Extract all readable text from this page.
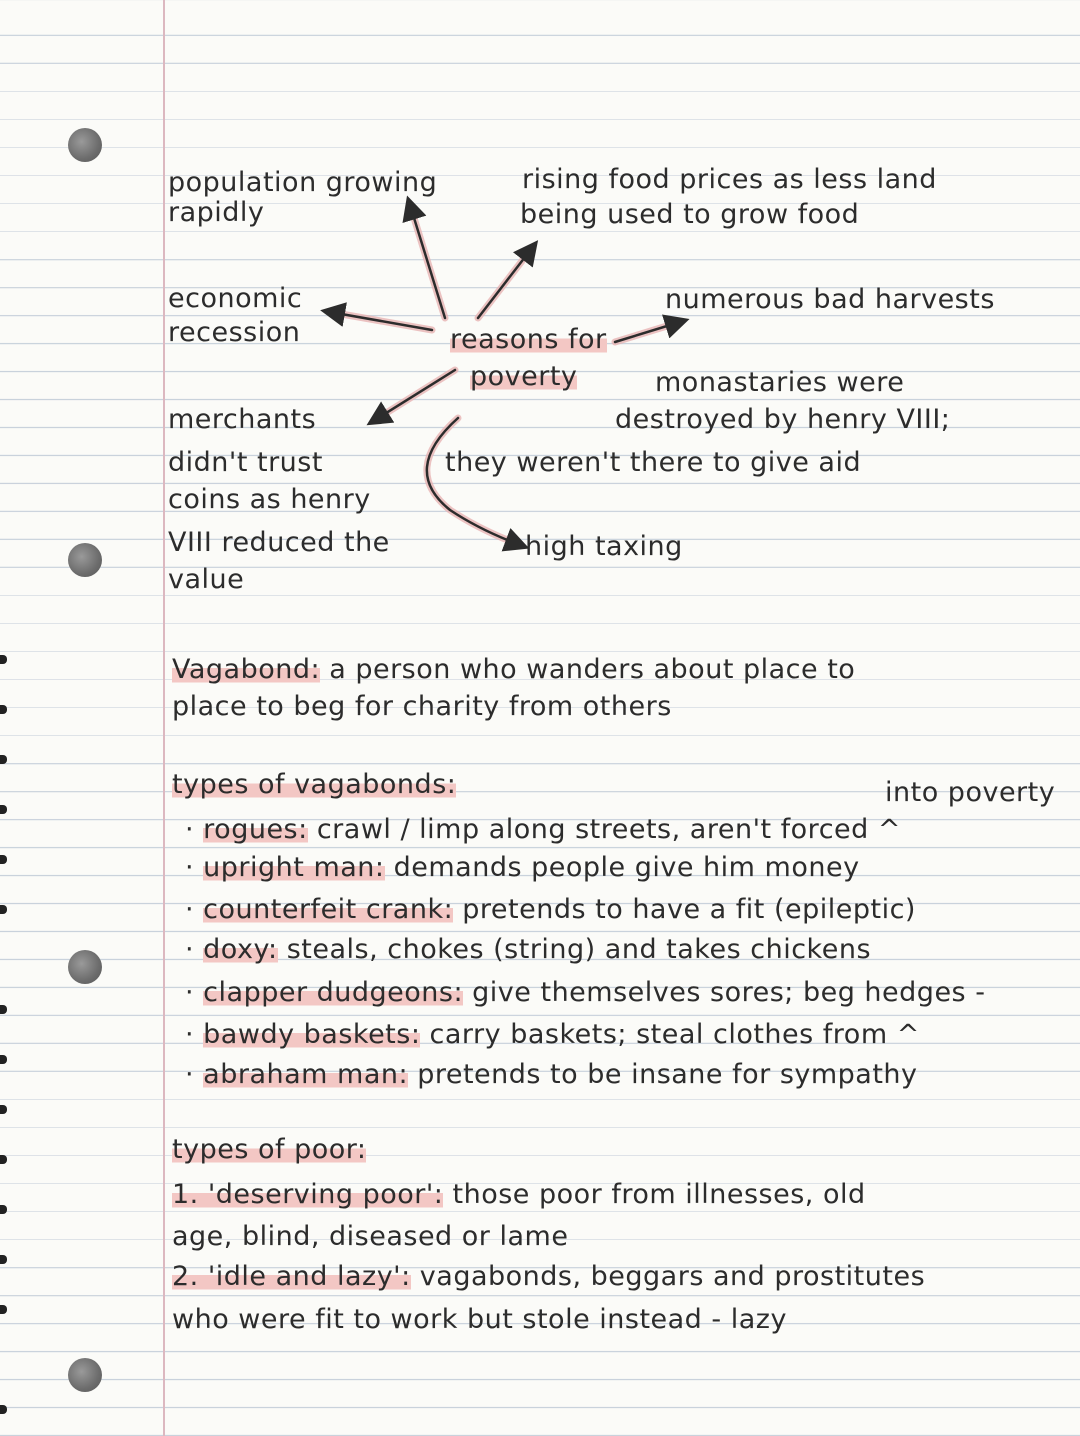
population growing
rapidly
rising food prices as less land
being used to grow food
economic
recession
numerous bad harvests
reasons for
poverty	monastaries were
destroyed by henry VIII;
they weren't there to give aid
merchants
didn't trust
coins as henry
VIII reduced the
value
high taxing
Vagabond: a person who wanders about place to
place to beg for charity from others
types of vagabonds:	into poverty
· rogues: crawl / limp along streets, aren't forced ^
· upright man: demands people give him money
· counterfeit crank: pretends to have a fit (epileptic)
· doxy: steals, chokes (string) and takes chickens
· clapper dudgeons: give themselves sores; beg hedges -
· bawdy baskets: carry baskets; steal clothes from ^
· abraham man: pretends to be insane for sympathy
types of poor:
1. 'deserving poor': those poor from illnesses, old
age, blind, diseased or lame
2. 'idle and lazy': vagabonds, beggars and prostitutes
who were fit to work but stole instead - lazy
